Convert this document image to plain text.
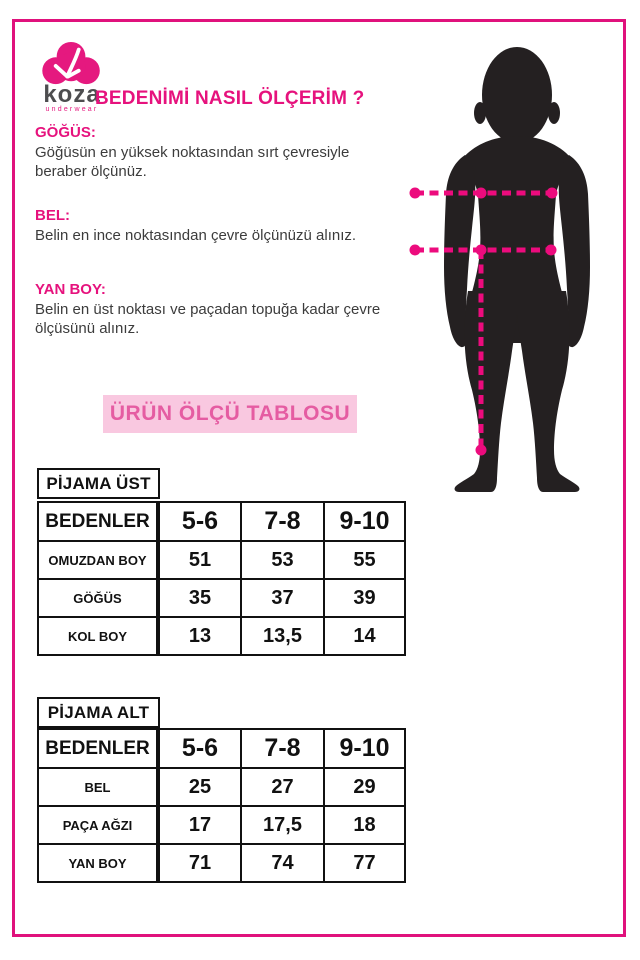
koza
underwear
BEDENİMİ NASIL ÖLÇERİM ?
GÖĞÜS:
Göğüsün en yüksek noktasından sırt çevresiyle beraber ölçünüz.
BEL:
Belin en ince noktasından çevre ölçünüzü alınız.
YAN BOY:
Belin en üst noktası ve paçadan topuğa kadar çevre ölçüsünü alınız.
ÜRÜN ÖLÇÜ TABLOSU
PİJAMA ÜST
BEDENLER	5-6	7-8	9-10
OMUZDAN BOY	51	53	55
GÖĞÜS	35	37	39
KOL BOY	13	13,5	14
PİJAMA ALT
BEDENLER	5-6	7-8	9-10
BEL	25	27	29
PAÇA AĞZI	17	17,5	18
YAN BOY	71	74	77
